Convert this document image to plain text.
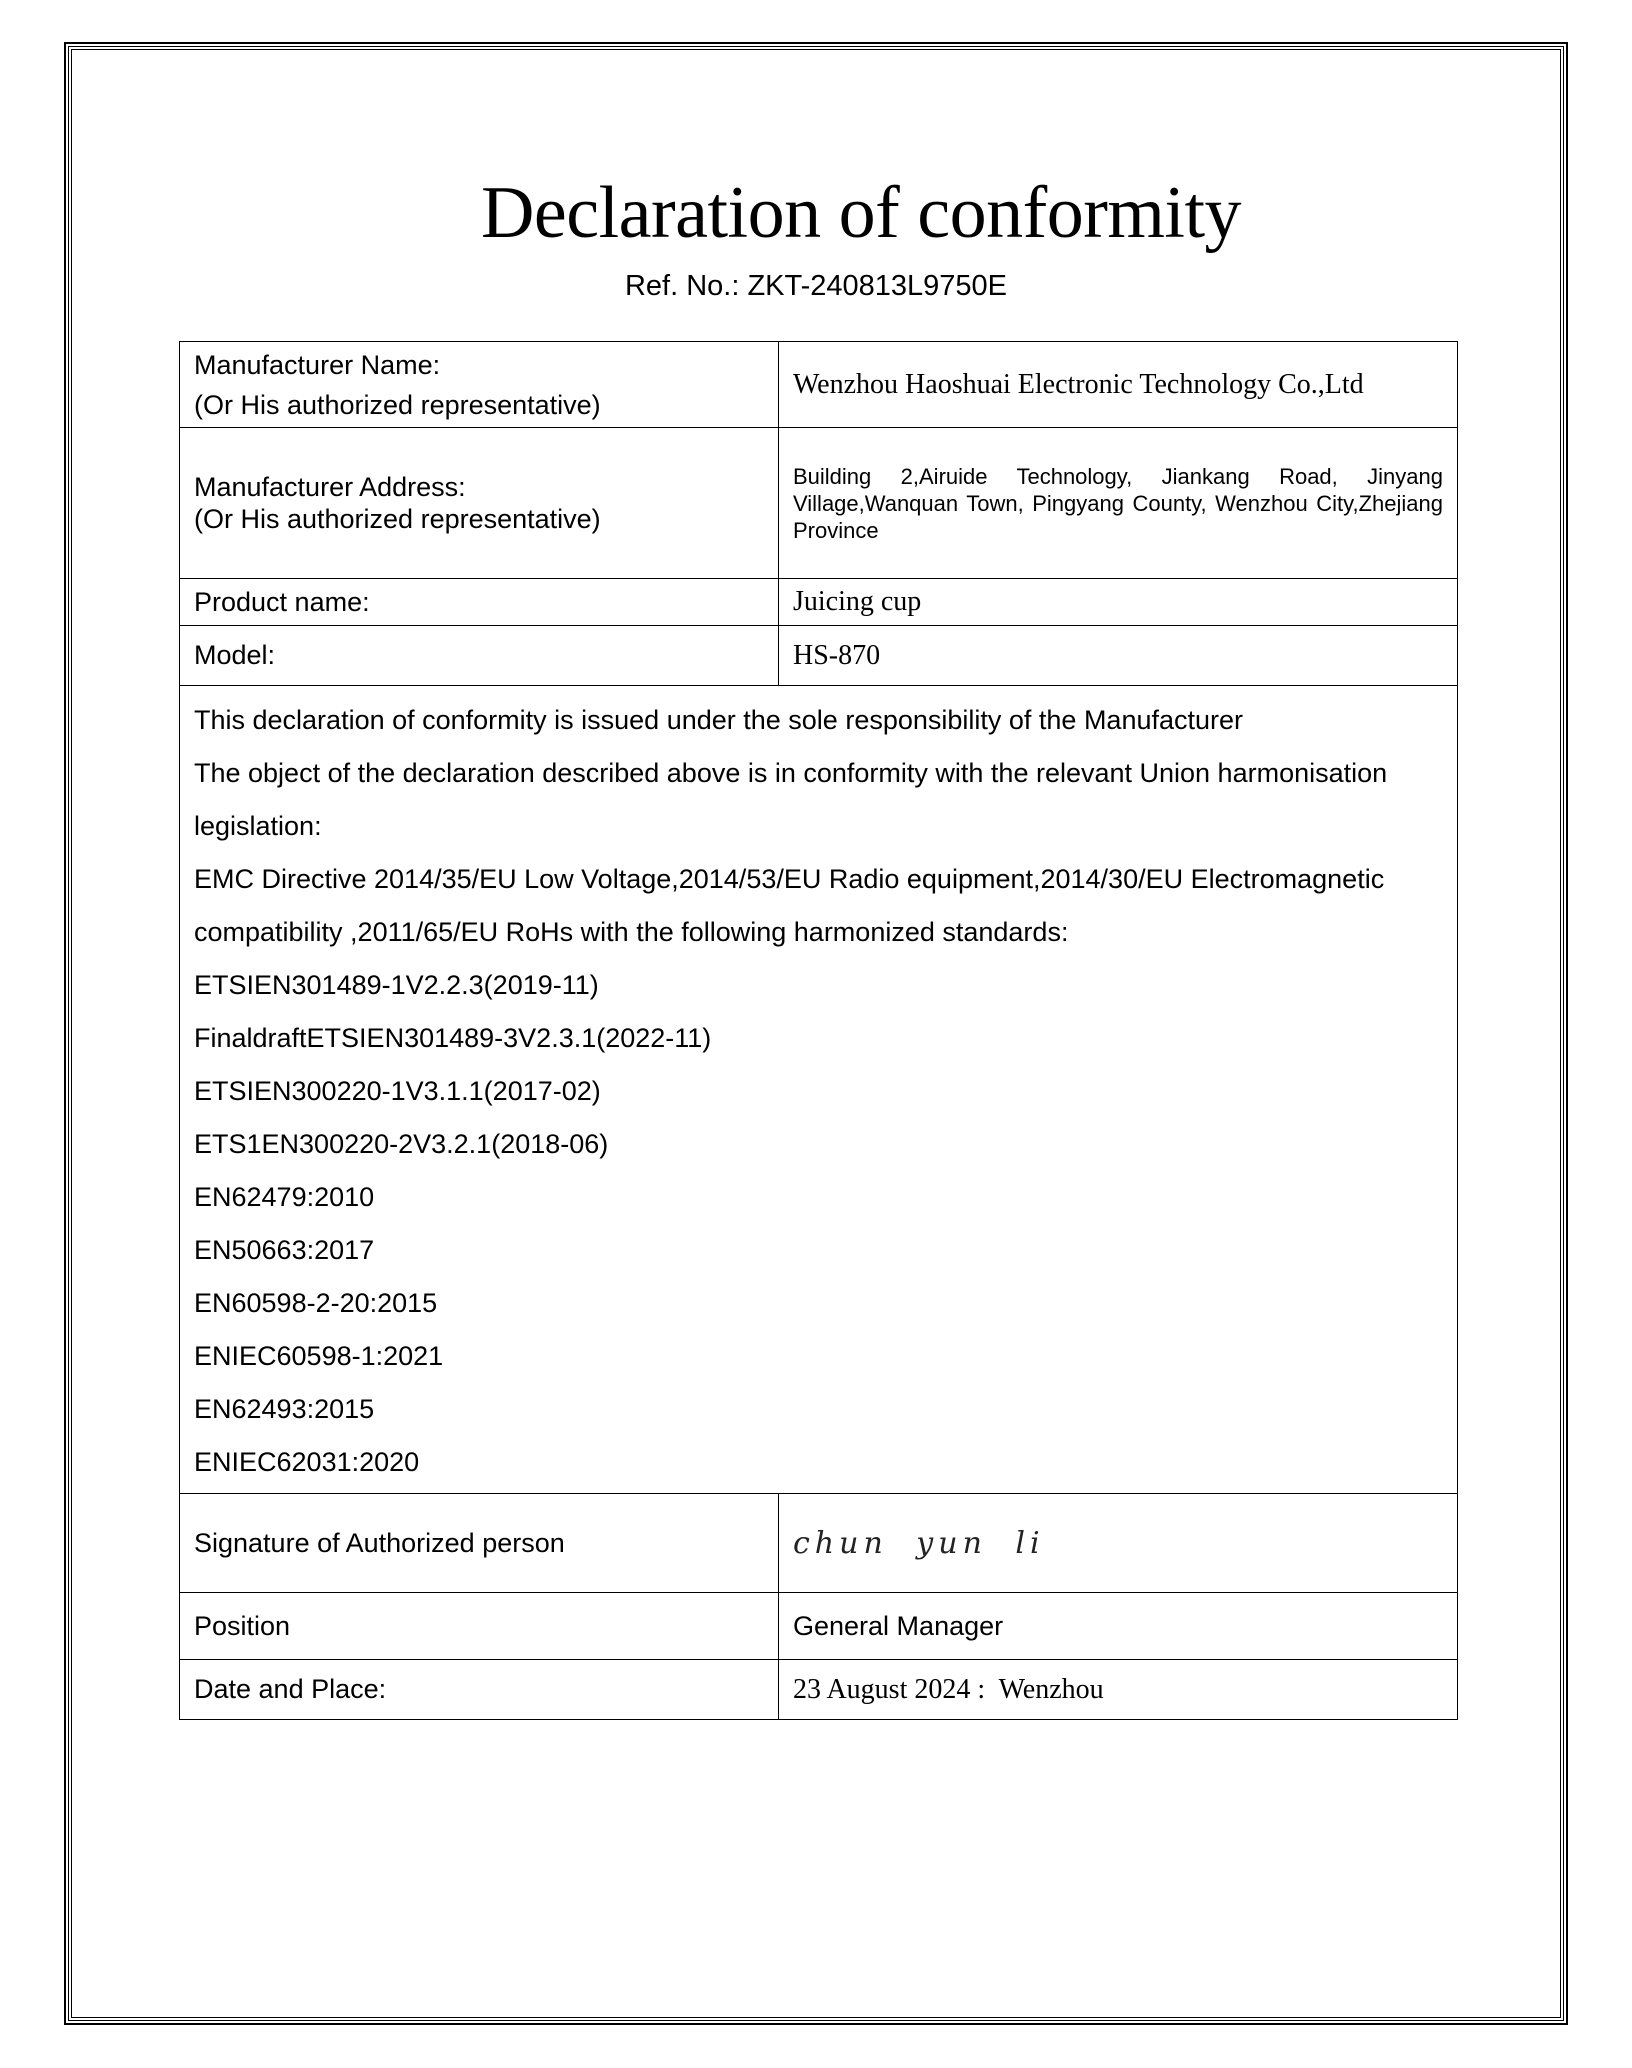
Declaration of conformity
Ref. No.: ZKT-240813L9750E
Manufacturer Name:
(Or His authorized representative)	Wenzhou Haoshuai Electronic Technology Co.,Ltd

Manufacturer Address:
(Or His authorized representative)	Building 2,Airuide Technology, Jiankang Road, Jinyang Village,Wanquan Town, Pingyang County, Wenzhou City,Zhejiang Province
Product name:	Juicing cup
Model:	HS-870

This declaration of conformity is issued under the sole responsibility of the Manufacturer
The object of the declaration described above is in conformity with the relevant Union harmonisation
legislation:
EMC Directive 2014/35/EU Low Voltage,2014/53/EU Radio equipment,2014/30/EU Electromagnetic
compatibility ,2011/65/EU RoHs with the following harmonized standards:
ETSIEN301489-1V2.2.3(2019-11)
FinaldraftETSIEN301489-3V2.3.1(2022-11)
ETSIEN300220-1V3.1.1(2017-02)
ETS1EN300220-2V3.2.1(2018-06)
EN62479:2010
EN50663:2017
EN60598-2-20:2015
ENIEC60598-1:2021
EN62493:2015
ENIEC62031:2020

Signature of Authorized person	chun yun li
Position	General Manager
Date and Place:	23 August 2024 :  Wenzhou
